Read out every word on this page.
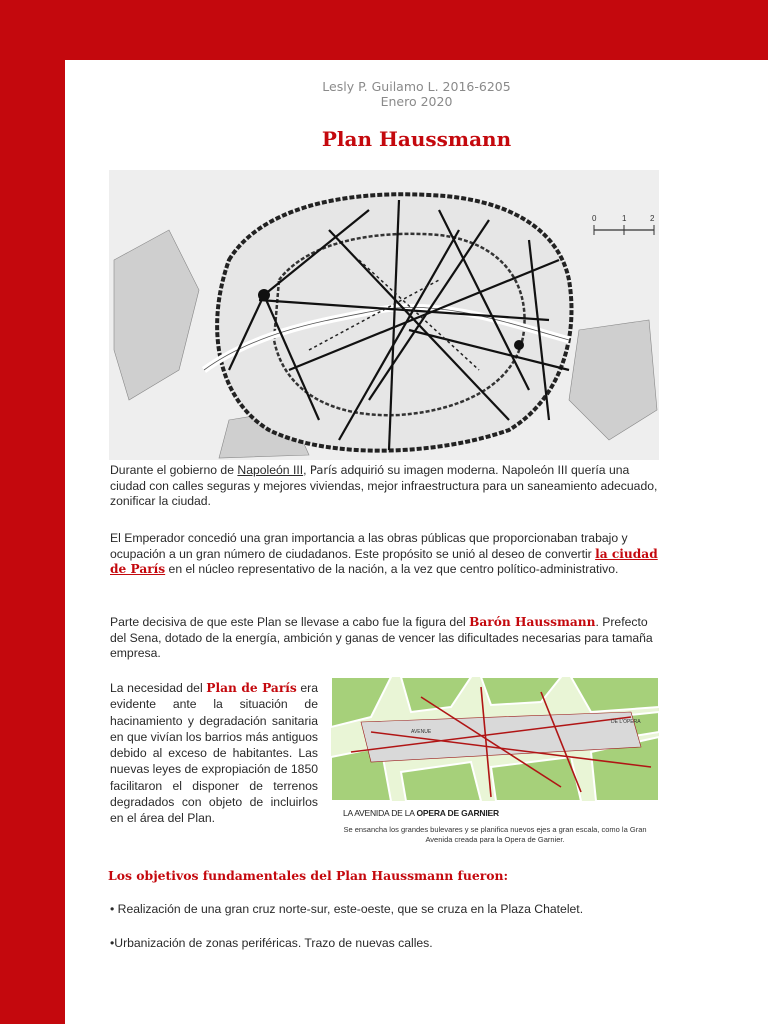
Lesly P. Guilamo L. 2016-6205
Enero 2020
Plan Haussmann
0	1	2
Durante el gobierno de Napoleón III, París adquirió su imagen moderna. Napoleón III quería una ciudad con calles seguras y mejores viviendas, mejor infraestructura para un saneamiento adecuado, zonificar la ciudad.
El Emperador concedió una gran importancia a las obras públicas que proporcionaban trabajo y ocupación a un gran número de ciudadanos. Este propósito se unió al deseo de convertir la ciudad de París en el núcleo representativo de la nación, a la vez que centro político-administrativo.
Parte decisiva de que este Plan se llevase a cabo fue la figura del Barón Haussmann. Prefecto del Sena, dotado de la energía, ambición y ganas de vencer las dificultades necesarias para tamaña empresa.
La necesidad del Plan de París era evidente ante la situación de hacinamiento y degradación sanitaria en que vivían los barrios más antiguos debido al exceso de habitantes. Las nuevas leyes de expropiación de 1850 facilitaron el disponer de terrenos degradados con objeto de incluirlos en el área del Plan.
AVENUE
DE L'OPERA
LA AVENIDA DE LA OPERA DE GARNIER
Se ensancha los grandes bulevares y se planifica nuevos ejes a gran escala, como la Gran Avenida creada para la Opera de Garnier.
Los objetivos fundamentales del Plan Haussmann fueron:
• Realización de una gran cruz norte-sur, este-oeste, que se cruza en la Plaza Chatelet.
•Urbanización de zonas periféricas. Trazo de nuevas calles.
